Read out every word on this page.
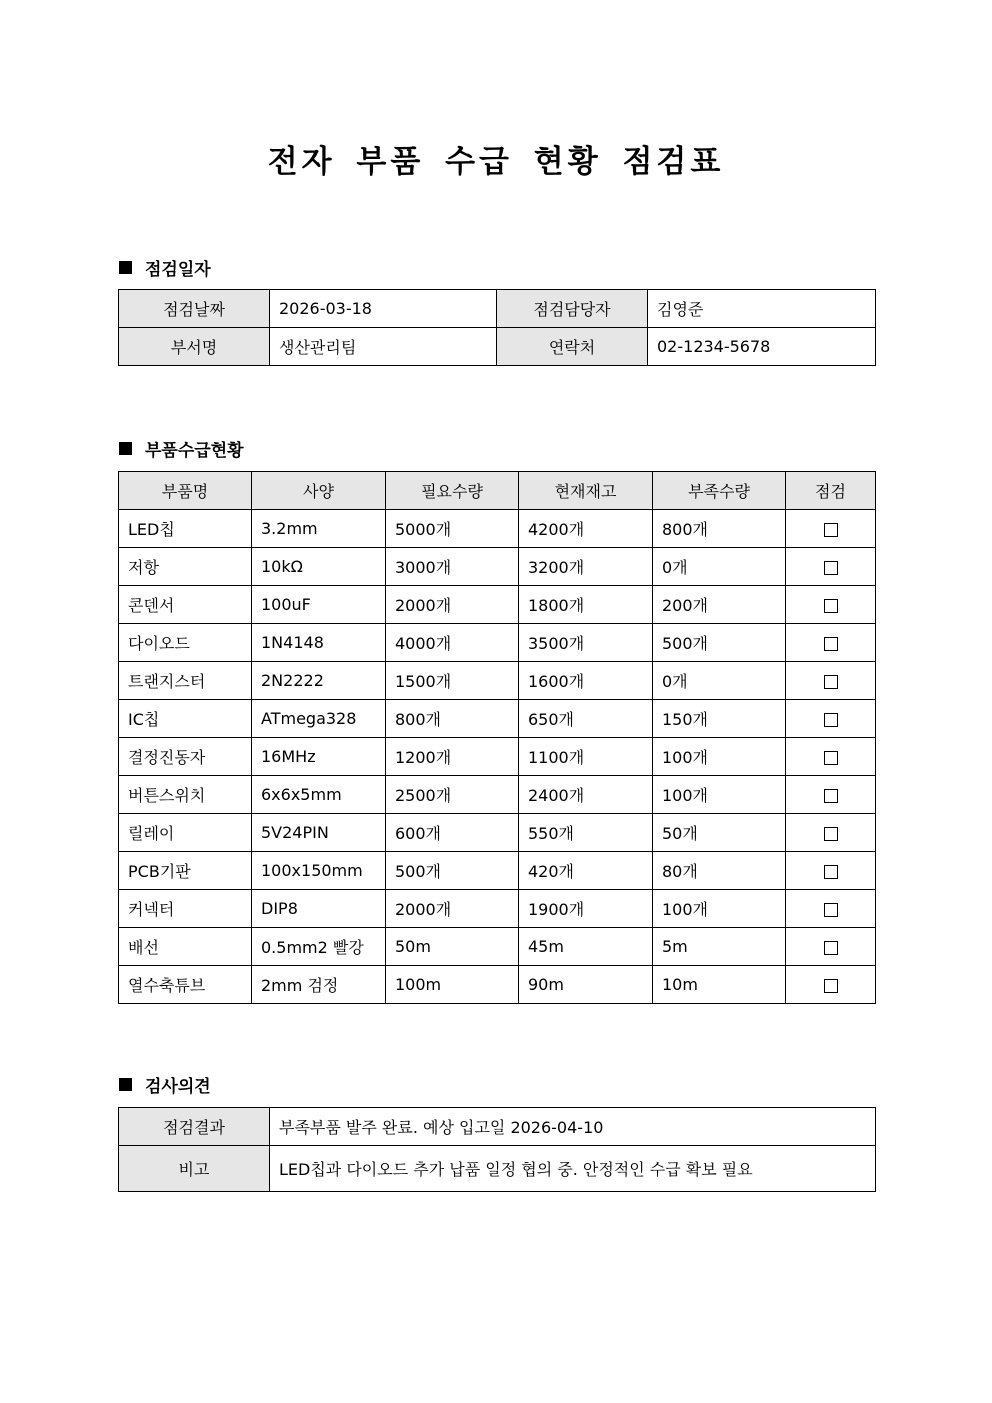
전자 부품 수급 현황 점검표
점검일자
점검날짜	2026-03-18	점검담당자	김영준
부서명	생산관리팀	연락처	02-1234-5678
부품수급현황
부품명	사양	필요수량	현재재고	부족수량	점검
LED칩	3.2mm	5000개	4200개	800개	
저항	10kΩ	3000개	3200개	0개	
콘덴서	100uF	2000개	1800개	200개	
다이오드	1N4148	4000개	3500개	500개	
트랜지스터	2N2222	1500개	1600개	0개	
IC칩	ATmega328	800개	650개	150개	
결정진동자	16MHz	1200개	1100개	100개	
버튼스위치	6x6x5mm	2500개	2400개	100개	
릴레이	5V24PIN	600개	550개	50개	
PCB기판	100x150mm	500개	420개	80개	
커넥터	DIP8	2000개	1900개	100개	
배선	0.5mm2 빨강	50m	45m	5m	
열수축튜브	2mm 검정	100m	90m	10m	
검사의견
점검결과	부족부품 발주 완료. 예상 입고일 2026-04-10
비고	LED칩과 다이오드 추가 납품 일정 협의 중. 안정적인 수급 확보 필요
